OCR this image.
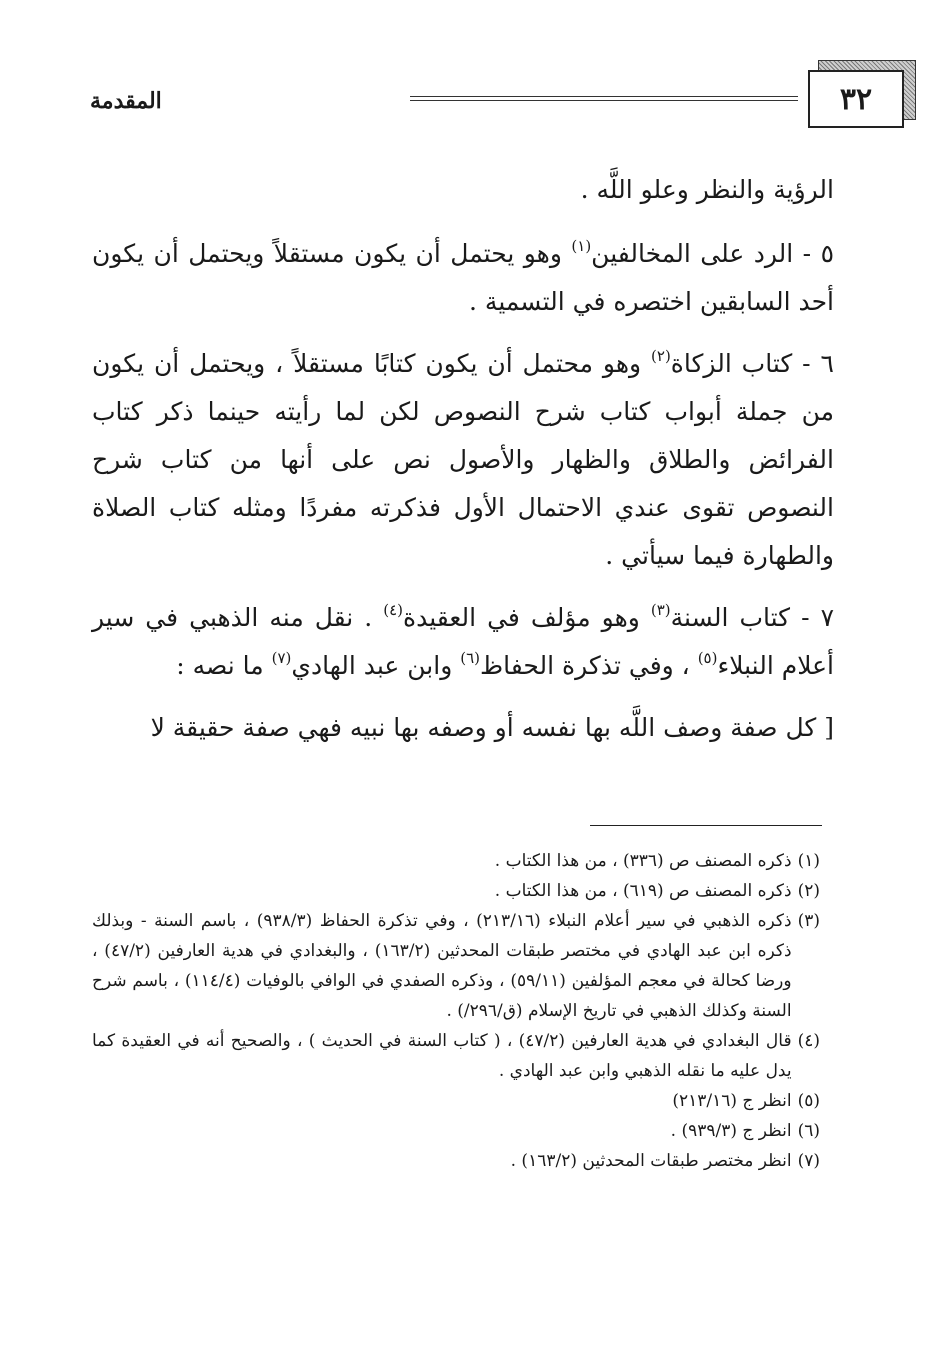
المقدمة	٣٢

الرؤية والنظر وعلو اللَّه .

٥ - الرد على المخالفين$^{(١)}$ وهو يحتمل أن يكون مستقلاً ويحتمل أن يكون أحد السابقين اختصره في التسمية .

٦ - كتاب الزكاة$^{(٢)}$ وهو محتمل أن يكون كتابًا مستقلاً ، ويحتمل أن يكون من جملة أبواب كتاب شرح النصوص لكن لما رأيته حينما ذكر كتاب الفرائض والطلاق والظهار والأصول نص على أنها من كتاب شرح النصوص تقوى عندي الاحتمال الأول فذكرته مفردًا ومثله كتاب الصلاة والطهارة فيما سيأتي .

٧ - كتاب السنة$^{(٣)}$ وهو مؤلف في العقيدة$^{(٤)}$ . نقل منه الذهبي في سير أعلام النبلاء$^{(٥)}$ ، وفي تذكرة الحفاظ$^{(٦)}$ وابن عبد الهادي$^{(٧)}$ ما نصه :

[ كل صفة وصف اللَّه بها نفسه أو وصفه بها نبيه فهي صفة حقيقة لا

(١)
ذكره المصنف ص (٣٣٦) ، من هذا الكتاب .
(٢)
ذكره المصنف ص (٦١٩) ، من هذا الكتاب .
(٣)
ذكره الذهبي في سير أعلام النبلاء (٢١٣/١٦) ، وفي تذكرة الحفاظ (٩٣٨/٣) ، باسم السنة - وبذلك ذكره ابن عبد الهادي في مختصر طبقات المحدثين (١٦٣/٢) ، والبغدادي في هدية العارفين (٤٧/٢) ، ورضا كحالة في معجم المؤلفين (٥٩/١١) ، وذكره الصفدي في الوافي بالوفيات (١١٤/٤) ، باسم شرح السنة وكذلك الذهبي في تاريخ الإسلام (ق/٢٩٦/) .
(٤)
قال البغدادي في هدية العارفين (٤٧/٢) ، ( كتاب السنة في الحديث ) ، والصحيح أنه في العقيدة كما يدل عليه ما نقله الذهبي وابن عبد الهادي .
(٥)
انظر ج (٢١٣/١٦)
(٦)
انظر ج (٩٣٩/٣) .
(٧)
انظر مختصر طبقات المحدثين (١٦٣/٢) .
